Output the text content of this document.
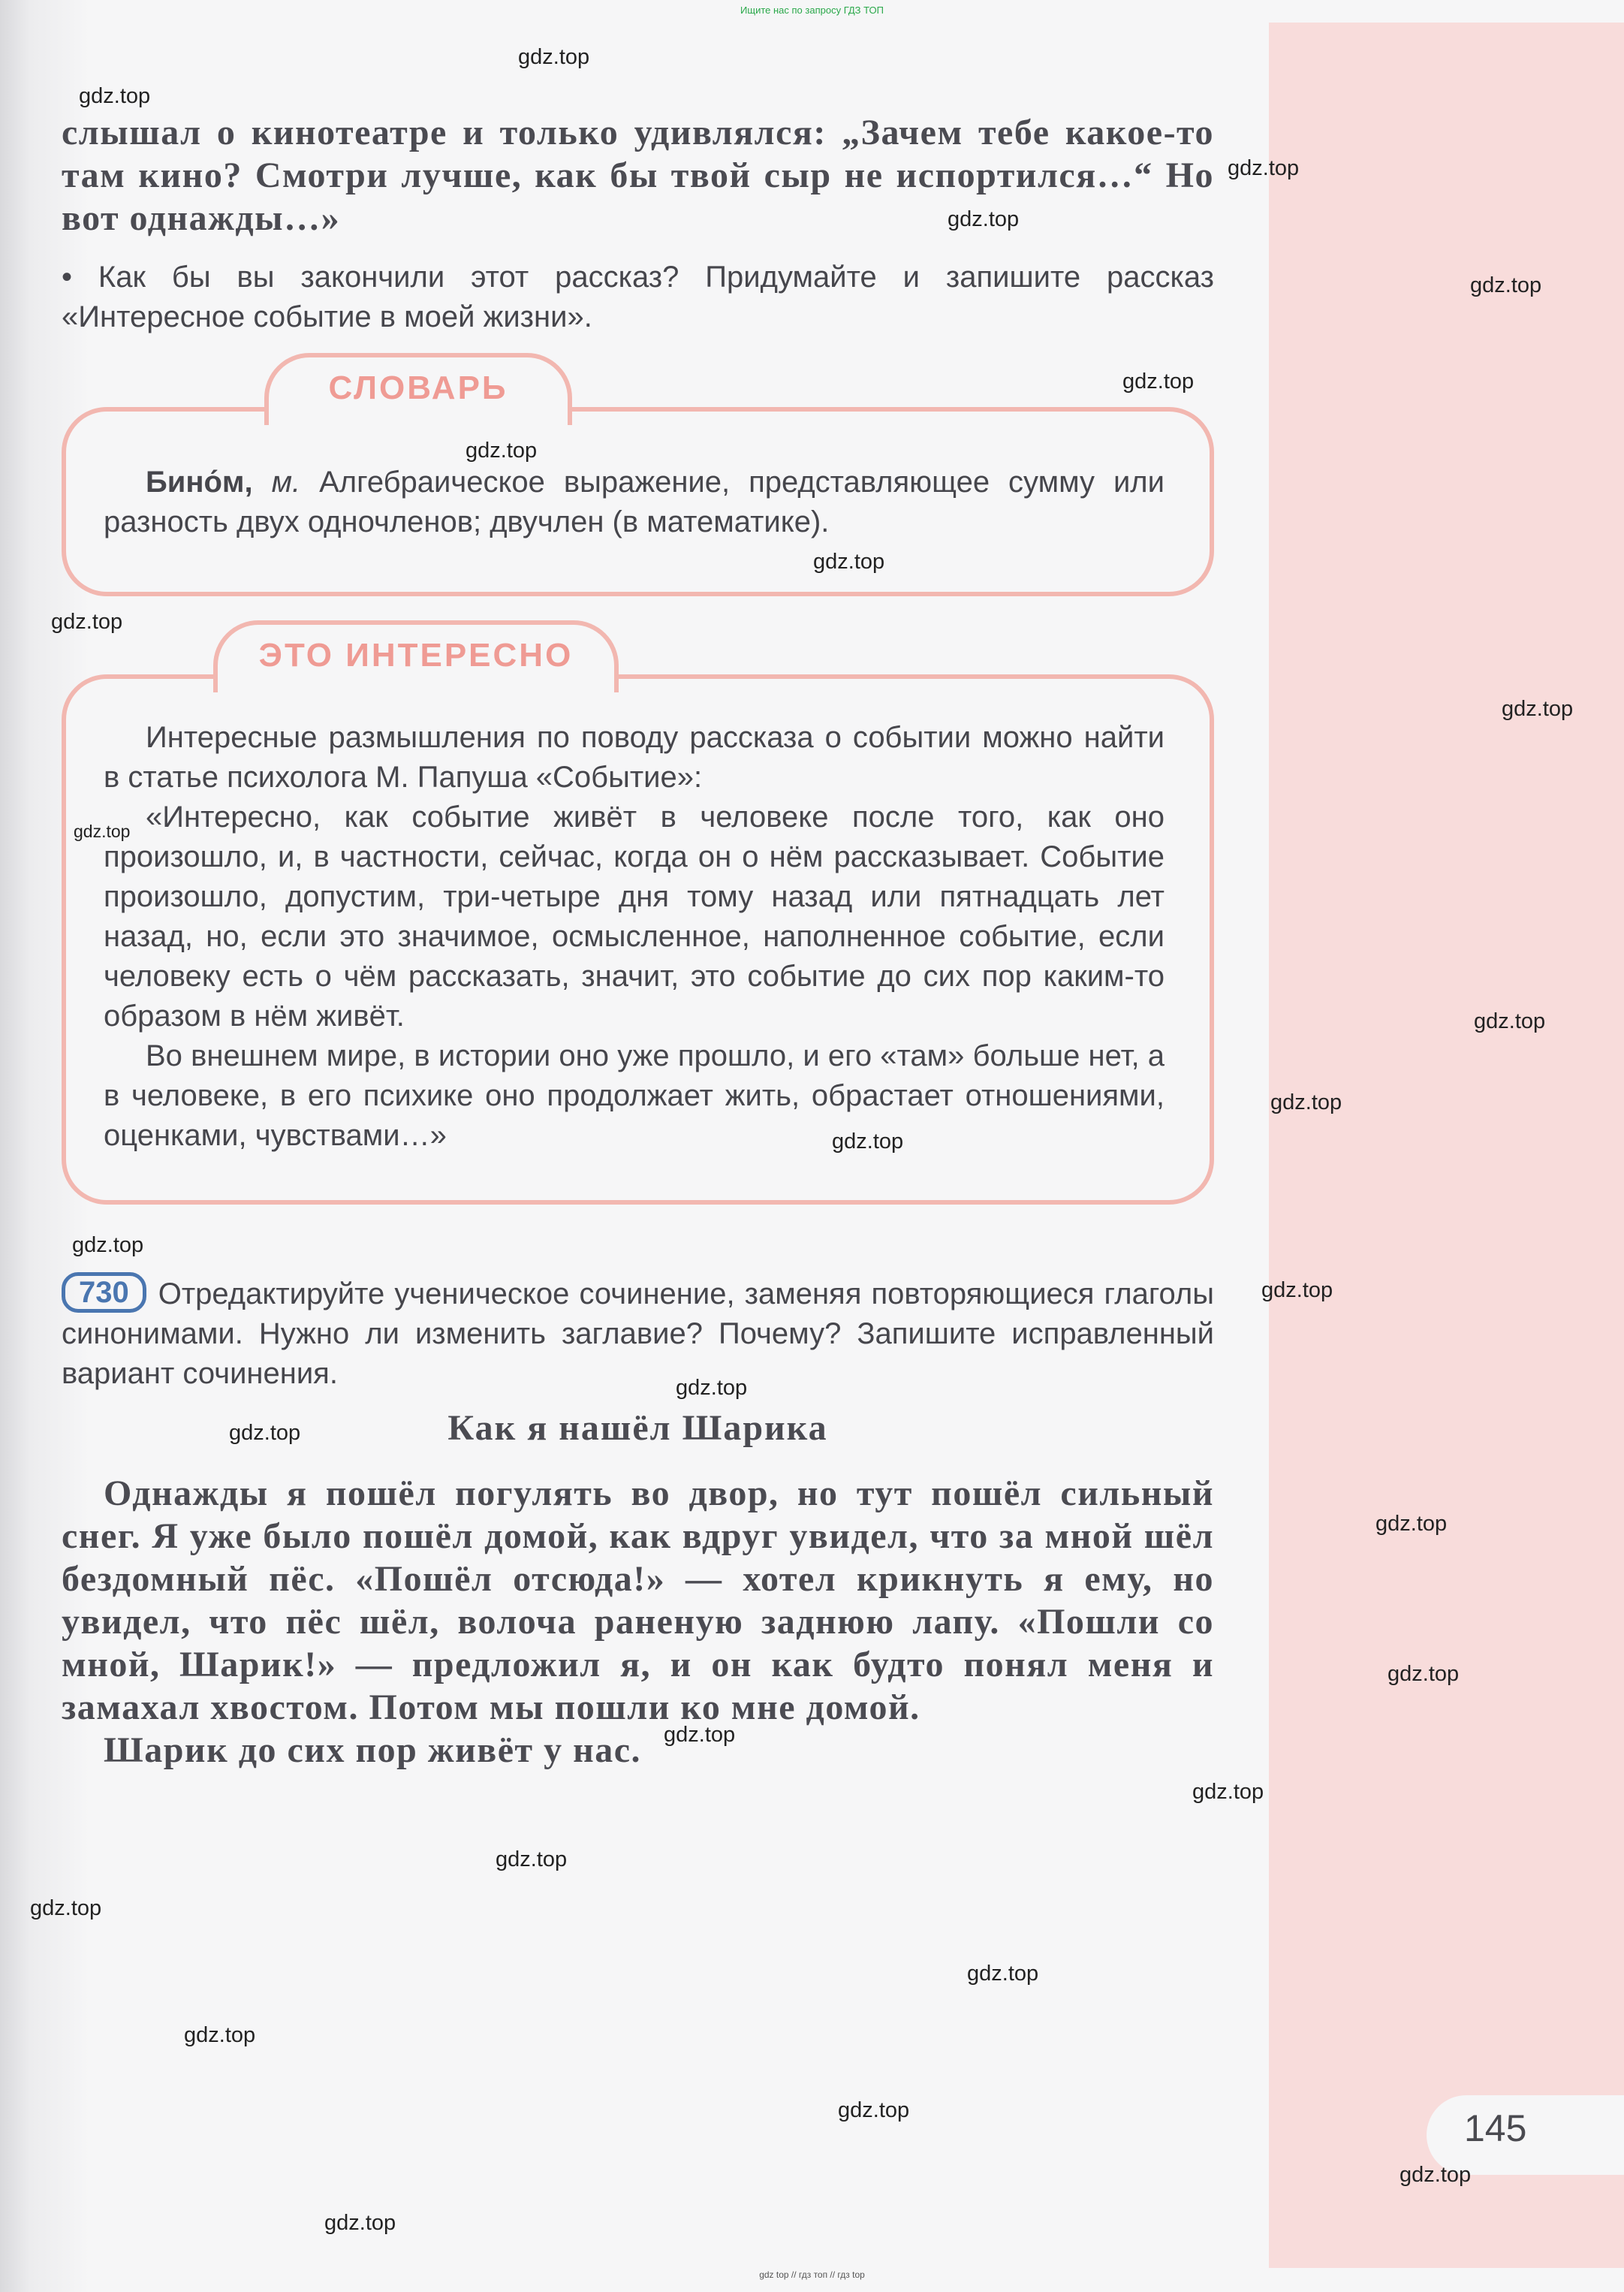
Ищите нас по запросу ГДЗ ТОП

слышал о кинотеатре и только удивлялся: „Зачем тебе какое-то там кино? Смотри лучше, как бы твой сыр не испортился…“ Но вот однажды…»

• Как бы вы закончили этот рассказ? Придумайте и запишите рассказ «Интересное событие в моей жизни».

СЛОВАРЬ

Бино́м, м. Алгебраическое выражение, представляющее сумму или разность двух одночленов; двучлен (в математике).

ЭТО ИНТЕРЕСНО

Интересные размышления по поводу рассказа о событии можно найти в статье психолога М. Папуша «Событие»:

«Интересно, как событие живёт в человеке после того, как оно произошло, и, в частности, сейчас, когда он о нём рассказывает. Событие произошло, допустим, три-четыре дня тому назад или пятнадцать лет назад, но, если это значимое, осмысленное, наполненное событие, если человеку есть о чём рассказать, значит, это событие до сих пор каким-то образом в нём живёт.

Во внешнем мире, в истории оно уже прошло, и его «там» больше нет, а в человеке, в его психике оно продолжает жить, обрастает отношениями, оценками, чувствами…»

730 Отредактируйте ученическое сочинение, заменяя повторяющиеся глаголы синонимами. Нужно ли изменить заглавие? Почему? Запишите исправленный вариант сочинения.

Как я нашёл Шарика

Однажды я пошёл погулять во двор, но тут пошёл сильный снег. Я уже было пошёл домой, как вдруг увидел, что за мной шёл бездомный пёс. «Пошёл отсюда!» — хотел крикнуть я ему, но увидел, что пёс шёл, волоча раненую заднюю лапу. «Пошли со мной, Шарик!» — предложил я, и он как будто понял меня и замахал хвостом. Потом мы пошли ко мне домой.

Шарик до сих пор живёт у нас.

145
gdz.top
gdz.top
gdz.top
gdz.top
gdz.top
gdz.top
gdz.top
gdz.top
gdz.top
gdz.top
gdz.top
gdz.top
gdz.top
gdz.top
gdz.top
gdz.top
gdz.top
gdz.top
gdz.top
gdz.top
gdz.top
gdz.top
gdz.top
gdz.top
gdz.top
gdz.top
gdz.top
gdz.top
gdz.top
gdz top // гдз топ // гдз top
